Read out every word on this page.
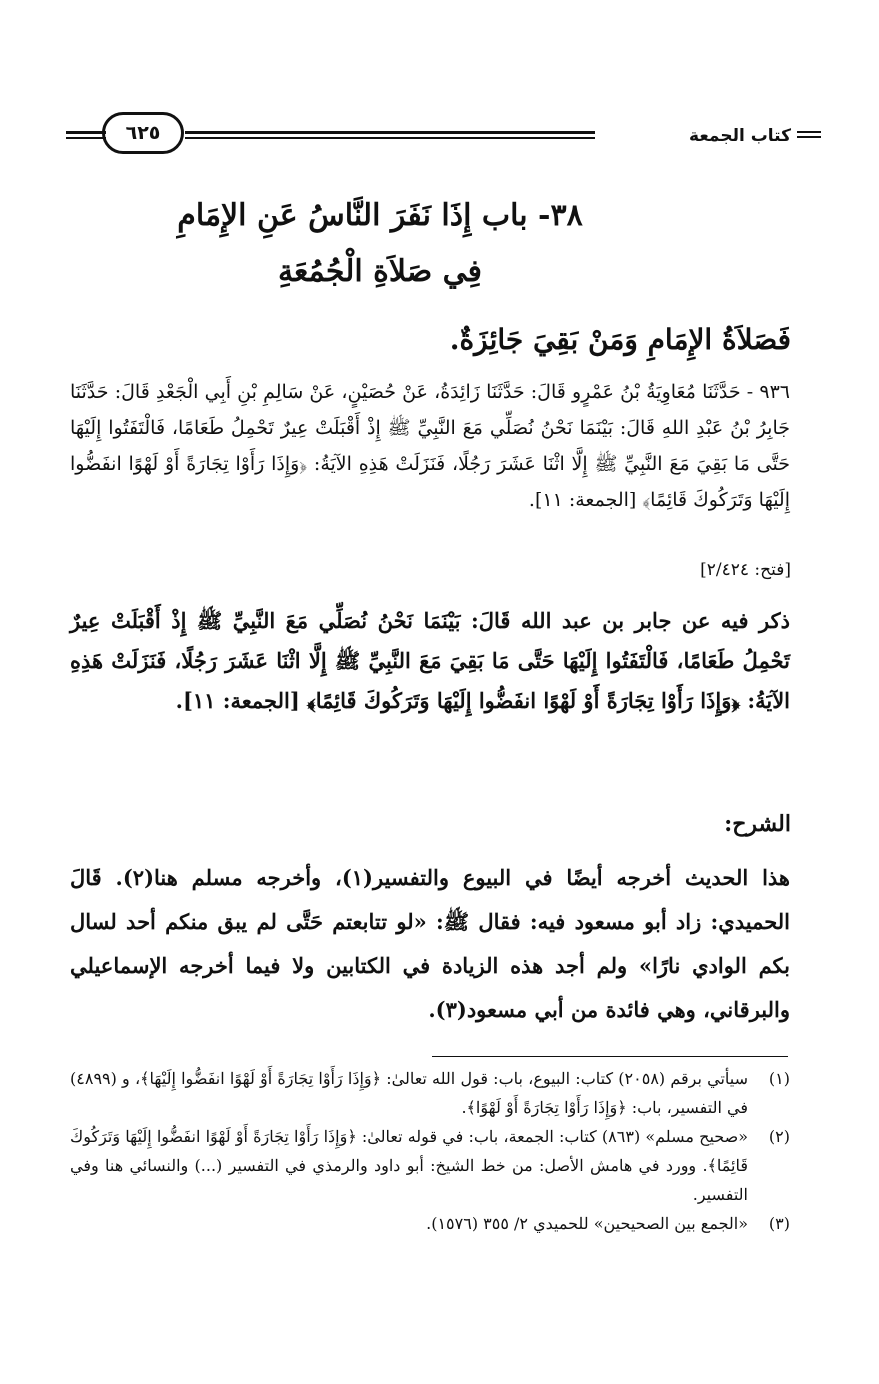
كتاب الجمعة
٦٢٥
٣٨- باب إِذَا نَفَرَ النَّاسُ عَنِ الإِمَامِ
فِي صَلاَةِ الْجُمُعَةِ
فَصَلاَةُ الإِمَامِ وَمَنْ بَقِيَ جَائِزَةٌ.
٩٣٦ - حَدَّثَنَا مُعَاوِيَةُ بْنُ عَمْرٍو قَالَ: حَدَّثَنَا زَائِدَةُ، عَنْ حُصَيْنٍ، عَنْ سَالِمِ بْنِ أَبِي الْجَعْدِ قَالَ: حَدَّثَنَا جَابِرُ بْنُ عَبْدِ اللهِ قَالَ: بَيْنَمَا نَحْنُ نُصَلِّي مَعَ النَّبِيِّ ﷺ إِذْ أَقْبَلَتْ عِيرٌ تَحْمِلُ طَعَامًا، فَالْتَفَتُوا إِلَيْهَا حَتَّى مَا بَقِيَ مَعَ النَّبِيِّ ﷺ إِلَّا اثْنَا عَشَرَ رَجُلًا، فَنَزَلَتْ هَذِهِ الآيَةُ: ﴿وَإِذَا رَأَوْا تِجَارَةً أَوْ لَهْوًا انفَضُّوا إِلَيْهَا وَتَرَكُوكَ قَائِمًا﴾ [الجمعة: ١١].
[فتح: ٢/٤٢٤]
ذكر فيه عن جابر بن عبد الله قَالَ: بَيْنَمَا نَحْنُ نُصَلِّي مَعَ النَّبِيِّ ﷺ إِذْ أَقْبَلَتْ عِيرٌ تَحْمِلُ طَعَامًا، فَالْتَفَتُوا إِلَيْهَا حَتَّى مَا بَقِيَ مَعَ النَّبِيِّ ﷺ إِلَّا اثْنَا عَشَرَ رَجُلًا، فَنَزَلَتْ هَذِهِ الآيَةُ: ﴿وَإِذَا رَأَوْا تِجَارَةً أَوْ لَهْوًا انفَضُّوا إِلَيْهَا وَتَرَكُوكَ قَائِمًا﴾ [الجمعة: ١١].
الشرح:
هذا الحديث أخرجه أيضًا في البيوع والتفسير(١)، وأخرجه مسلم هنا(٢). قَالَ الحميدي: زاد أبو مسعود فيه: فقال ﷺ: «لو تتابعتم حَتَّى لم يبق منكم أحد لسال بكم الوادي نارًا» ولم أجد هذه الزيادة في الكتابين ولا فيما أخرجه الإسماعيلي والبرقاني، وهي فائدة من أبي مسعود(٣).
(١)
سيأتي برقم (٢٠٥٨) كتاب: البيوع، باب: قول الله تعالىٰ: ﴿وَإِذَا رَأَوْا تِجَارَةً أَوْ لَهْوًا انفَضُّوا إِلَيْهَا﴾، و (٤٨٩٩) في التفسير، باب: ﴿وَإِذَا رَأَوْا تِجَارَةً أَوْ لَهْوًا﴾.
(٢)
«صحيح مسلم» (٨٦٣) كتاب: الجمعة، باب: في قوله تعالىٰ: ﴿وَإِذَا رَأَوْا تِجَارَةً أَوْ لَهْوًا انفَضُّوا إِلَيْهَا وَتَرَكُوكَ قَائِمًا﴾. وورد في هامش الأصل: من خط الشيخ: أبو داود والرمذي في التفسير (...) والنسائي هنا وفي التفسير.
(٣)
«الجمع بين الصحيحين» للحميدي ٢/ ٣٥٥ (١٥٧٦).
